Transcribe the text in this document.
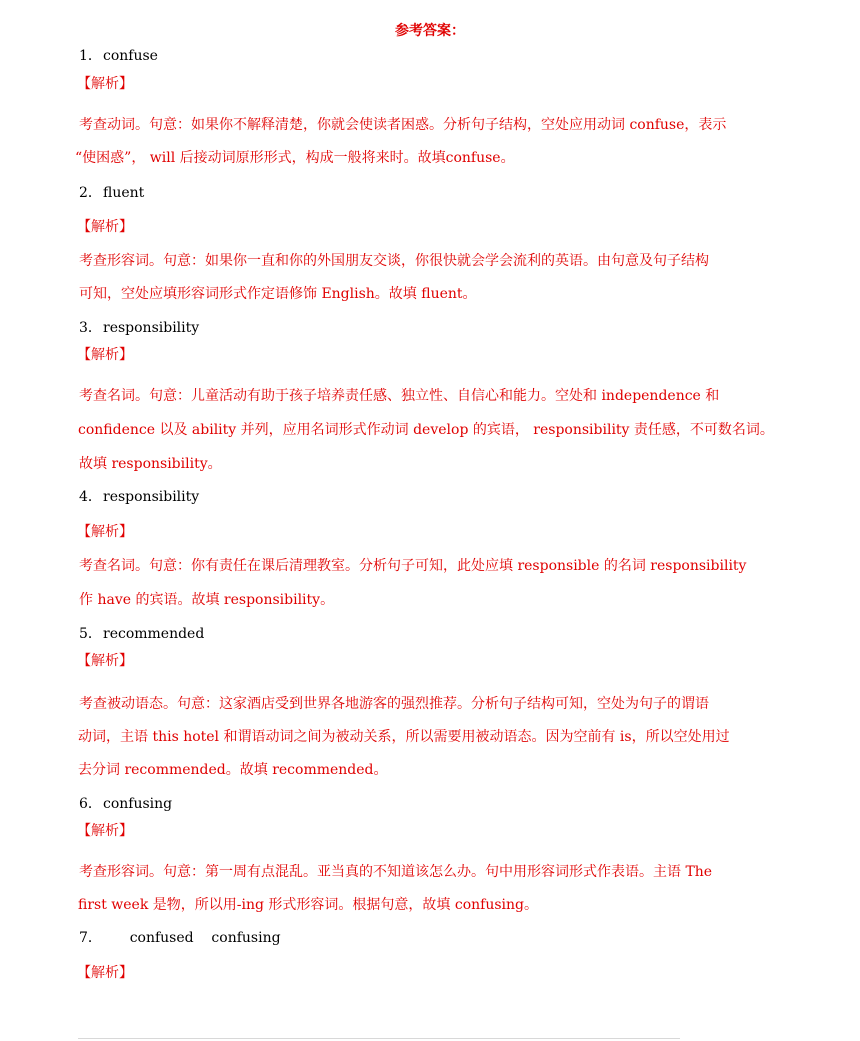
参考答案：
1．confuse
【解析】
考查动词。句意：如果你不解释清楚，你就会使读者困惑。分析句子结构，空处应用动词 confuse，表示
“使困惑”， will 后接动词原形形式，构成一般将来时。故填confuse。
2．fluent
【解析】
考查形容词。句意：如果你一直和你的外国朋友交谈，你很快就会学会流利的英语。由句意及句子结构
可知，空处应填形容词形式作定语修饰 English。故填 fluent。
3．responsibility
【解析】
考查名词。句意：儿童活动有助于孩子培养责任感、独立性、自信心和能力。空处和 independence 和
confidence 以及 ability 并列，应用名词形式作动词 develop 的宾语， responsibility 责任感，不可数名词。
故填 responsibility。
4．responsibility
【解析】
考查名词。句意：你有责任在课后清理教室。分析句子可知，此处应填 responsible 的名词 responsibility
作 have 的宾语。故填 responsibility。
5．recommended
【解析】
考查被动语态。句意：这家酒店受到世界各地游客的强烈推荐。分析句子结构可知，空处为句子的谓语
动词，主语 this hotel 和谓语动词之间为被动关系，所以需要用被动语态。因为空前有 is，所以空处用过
去分词 recommended。故填 recommended。
6．confusing
【解析】
考查形容词。句意：第一周有点混乱。亚当真的不知道该怎么办。句中用形容词形式作表语。主语 The
first week 是物，所以用-ing 形式形容词。根据句意，故填 confusing。
7．      confused    confusing
【解析】
